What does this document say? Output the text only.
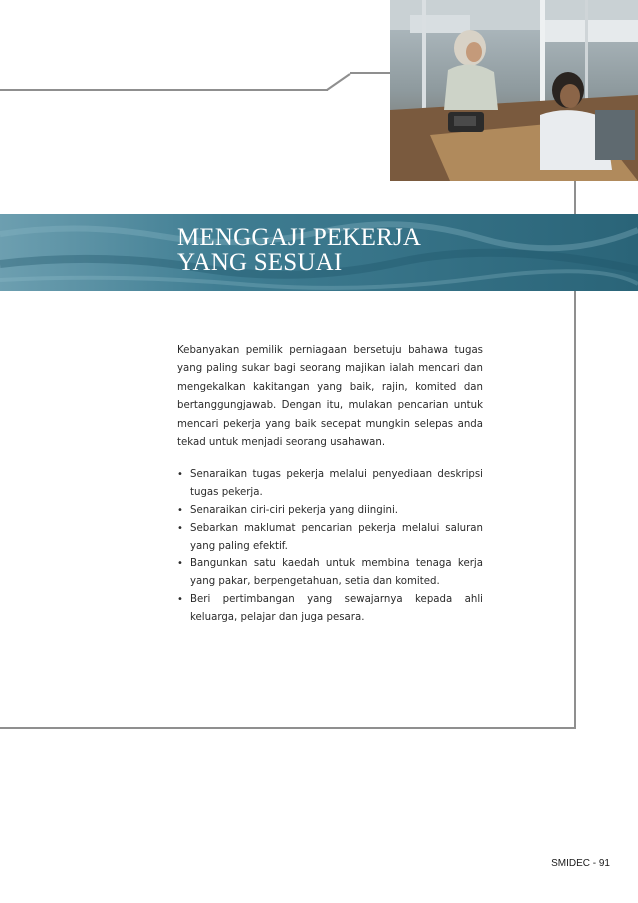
MENGGAJI PEKERJA
YANG SESUAI

Kebanyakan pemilik perniagaan bersetuju bahawa tugas yang paling sukar bagi seorang majikan ialah mencari dan mengekalkan kakitangan yang baik, rajin, komited dan bertanggungjawab. Dengan itu, mulakan pencarian untuk mencari pekerja yang baik secepat mungkin selepas anda tekad untuk menjadi seorang usahawan.

• Senaraikan tugas pekerja melalui penyediaan deskripsi tugas pekerja.
• Senaraikan ciri-ciri pekerja yang diingini.
• Sebarkan maklumat pencarian pekerja melalui saluran yang paling efektif.
• Bangunkan satu kaedah untuk membina tenaga kerja yang pakar, berpengetahuan, setia dan komited.
• Beri pertimbangan yang sewajarnya kepada ahli keluarga, pelajar dan juga pesara.
SMIDEC - 91
